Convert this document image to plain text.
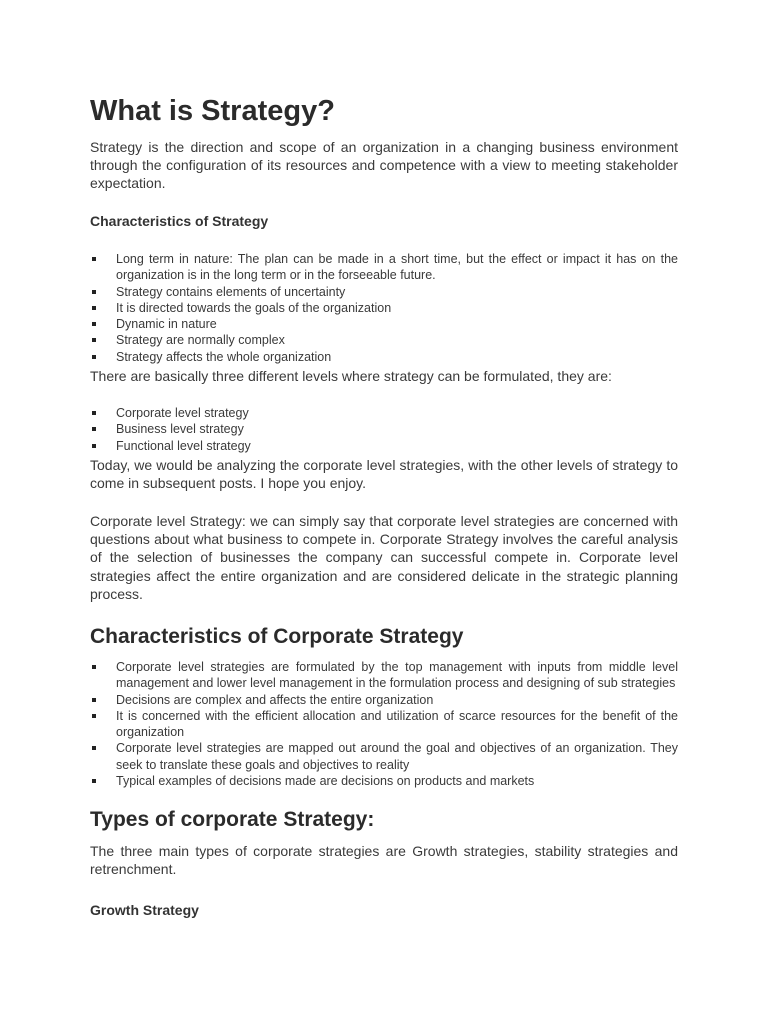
What is Strategy?

Strategy is the direction and scope of an organization in a changing business environment through the configuration of its resources and competence with a view to meeting stakeholder expectation.

Characteristics of Strategy
Long term in nature: The plan can be made in a short time, but the effect or impact it has on the organization is in the long term or in the forseeable future.
Strategy contains elements of uncertainty
It is directed towards the goals of the organization
Dynamic in nature
Strategy are normally complex
Strategy affects the whole organization

There are basically three different levels where strategy can be formulated, they are:

Corporate level strategy
Business level strategy
Functional level strategy

Today, we would be analyzing the corporate level strategies, with the other levels of strategy to come in subsequent posts. I hope you enjoy.

Corporate level Strategy: we can simply say that corporate level strategies are concerned with questions about what business to compete in. Corporate Strategy involves the careful analysis of the selection of businesses the company can successful compete in. Corporate level strategies affect the entire organization and are considered delicate in the strategic planning process.

Characteristics of Corporate Strategy
Corporate level strategies are formulated by the top management with inputs from middle level management and lower level management in the formulation process and designing of sub strategies
Decisions are complex and affects the entire organization
It is concerned with the efficient allocation and utilization of scarce resources for the benefit of the organization
Corporate level strategies are mapped out around the goal and objectives of an organization. They seek to translate these goals and objectives to reality
Typical examples of decisions made are decisions on products and markets
Types of corporate Strategy:

The three main types of corporate strategies are Growth strategies, stability strategies and retrenchment.

Growth Strategy
